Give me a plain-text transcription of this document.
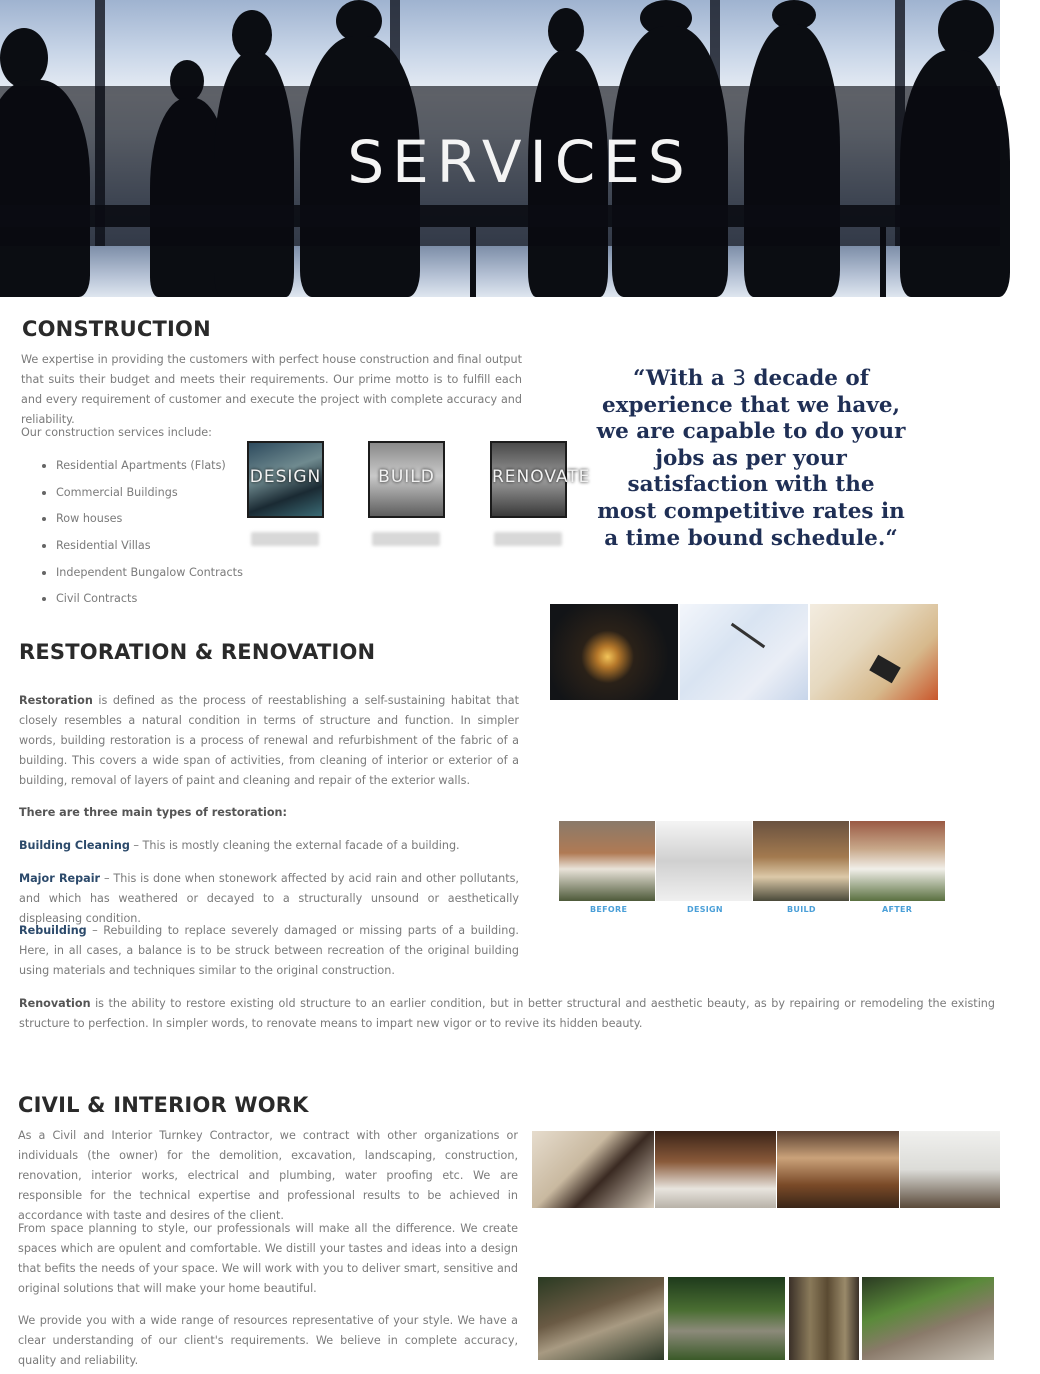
SERVICES
CONSTRUCTION

We expertise in providing the customers with perfect house construction and final output that suits their budget and meets their requirements. Our prime motto is to fulfill each and every requirement of customer and execute the project with complete accuracy and reliability.

Our construction services include:

Residential Apartments (Flats)
Commercial Buildings
Row houses
Residential Villas
Independent Bungalow Contracts
Civil Contracts
DESIGN	BUILD	RENOVATE
“With a 3 decade of experience that we have, we are capable to do your jobs as per your satisfaction with the most competitive rates in a time bound schedule.“
BEFORE	DESIGN	BUILD	AFTER
RESTORATION & RENOVATION

Restoration is defined as the process of reestablishing a self-sustaining habitat that closely resembles a natural condition in terms of structure and function. In simpler words, building restoration is a process of renewal and refurbishment of the fabric of a building. This covers a wide span of activities, from cleaning of interior or exterior of a building, removal of layers of paint and cleaning and repair of the exterior walls.

There are three main types of restoration:

Building Cleaning – This is mostly cleaning the external facade of a building.

Major Repair – This is done when stonework affected by acid rain and other pollutants, and which has weathered or decayed to a structurally unsound or aesthetically displeasing condition.

Rebuilding – Rebuilding to replace severely damaged or missing parts of a building. Here, in all cases, a balance is to be struck between recreation of the original building using materials and techniques similar to the original construction.

Renovation is the ability to restore existing old structure to an earlier condition, but in better structural and aesthetic beauty, as by repairing or remodeling the existing structure to perfection. In simpler words, to renovate means to impart new vigor or to revive its hidden beauty.

CIVIL & INTERIOR WORK

As a Civil and Interior Turnkey Contractor, we contract with other organizations or individuals (the owner) for the demolition, excavation, landscaping, construction, renovation, interior works, electrical and plumbing, water proofing etc. We are responsible for the technical expertise and professional results to be achieved in accordance with taste and desires of the client.

From space planning to style, our professionals will make all the difference. We create spaces which are opulent and comfortable. We distill your tastes and ideas into a design that befits the needs of your space. We will work with you to deliver smart, sensitive and original solutions that will make your home beautiful.

We provide you with a wide range of resources representative of your style. We have a clear understanding of our client's requirements. We believe in complete accuracy, quality and reliability.
